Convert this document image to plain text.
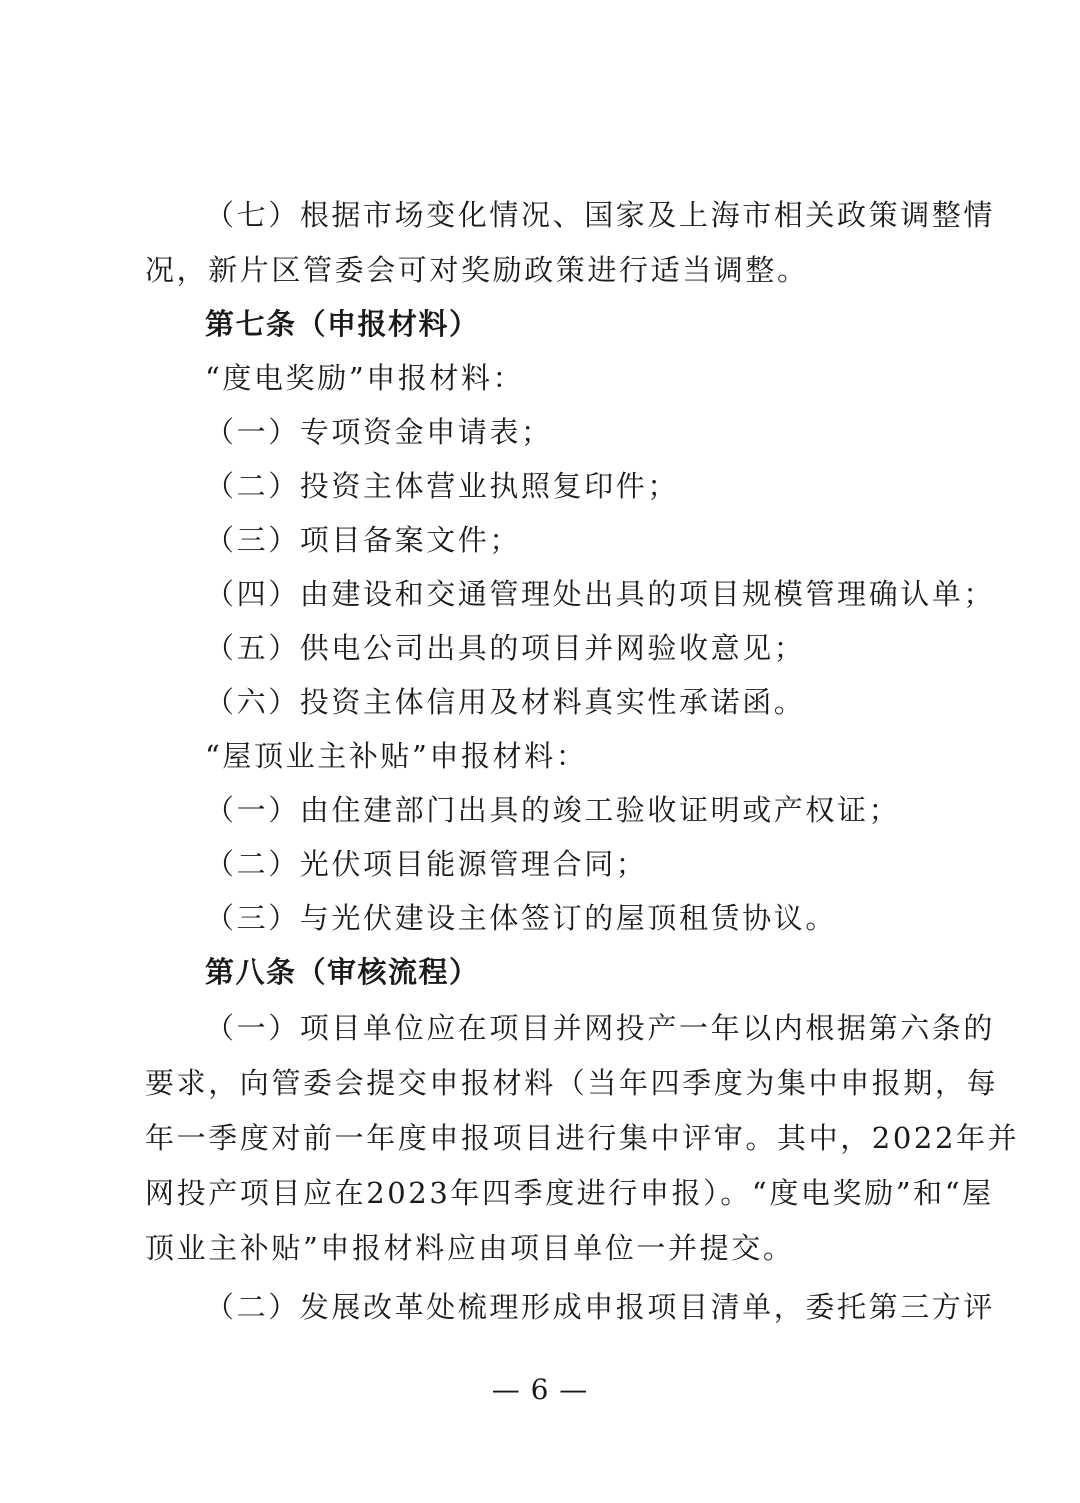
（七）根据市场变化情况、国家及上海市相关政策调整情
况，新片区管委会可对奖励政策进行适当调整。
第七条（申报材料）
“度电奖励”申报材料：
（一）专项资金申请表；
（二）投资主体营业执照复印件；
（三）项目备案文件；
（四）由建设和交通管理处出具的项目规模管理确认单；
（五）供电公司出具的项目并网验收意见；
（六）投资主体信用及材料真实性承诺函。
“屋顶业主补贴”申报材料：
（一）由住建部门出具的竣工验收证明或产权证；
（二）光伏项目能源管理合同；
（三）与光伏建设主体签订的屋顶租赁协议。
第八条（审核流程）
（一）项目单位应在项目并网投产一年以内根据第六条的
要求，向管委会提交申报材料（当年四季度为集中申报期，每
年一季度对前一年度申报项目进行集中评审。其中，2022年并
网投产项目应在2023年四季度进行申报）。“度电奖励”和“屋
顶业主补贴”申报材料应由项目单位一并提交。
（二）发展改革处梳理形成申报项目清单，委托第三方评
— 6 —
